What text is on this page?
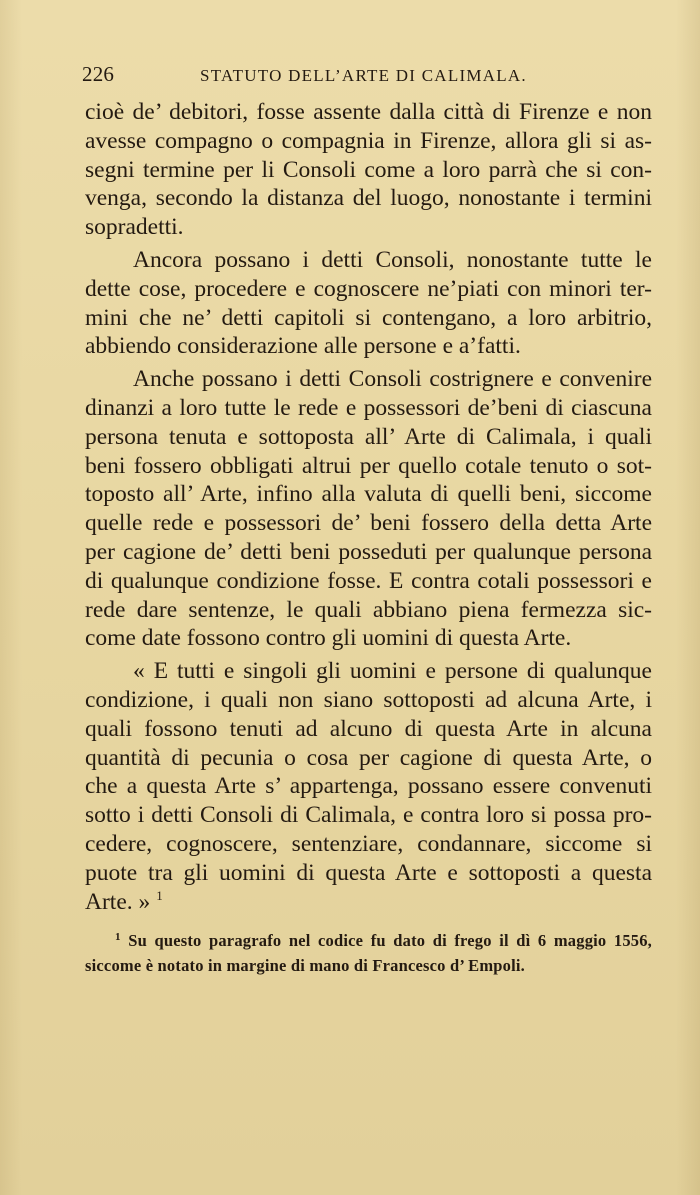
226	STATUTO DELL’ARTE DI CALIMALA.
cioè de’ debitori, fosse assente dalla città di Firenze e non
avesse compagno o compagnia in Firenze, allora gli si as-
segni termine per li Consoli come a loro parrà che si con-
venga, secondo la distanza del luogo, nonostante i termini
sopradetti.
Ancora possano i detti Consoli, nonostante tutte le
dette cose, procedere e cognoscere ne’piati con minori ter-
mini che ne’ detti capitoli si contengano, a loro arbitrio,
abbiendo considerazione alle persone e a’fatti.
Anche possano i detti Consoli costrignere e convenire
dinanzi a loro tutte le rede e possessori de’beni di ciascuna
persona tenuta e sottoposta all’ Arte di Calimala, i quali
beni fossero obbligati altrui per quello cotale tenuto o sot-
toposto all’ Arte, infino alla valuta di quelli beni, siccome
quelle rede e possessori de’ beni fossero della detta Arte
per cagione de’ detti beni posseduti per qualunque persona
di qualunque condizione fosse. E contra cotali possessori e
rede dare sentenze, le quali abbiano piena fermezza sic-
come date fossono contro gli uomini di questa Arte.
« E tutti e singoli gli uomini e persone di qualunque
condizione, i quali non siano sottoposti ad alcuna Arte, i
quali fossono tenuti ad alcuno di questa Arte in alcuna
quantità di pecunia o cosa per cagione di questa Arte, o
che a questa Arte s’ appartenga, possano essere convenuti
sotto i detti Consoli di Calimala, e contra loro si possa pro-
cedere, cognoscere, sentenziare, condannare, siccome si
puote tra gli uomini di questa Arte e sottoposti a questa
Arte. » $^1$
$^1$ Su questo paragrafo nel codice fu dato di frego il dì 6 maggio 1556,
siccome è notato in margine di mano di Francesco d’ Empoli.
